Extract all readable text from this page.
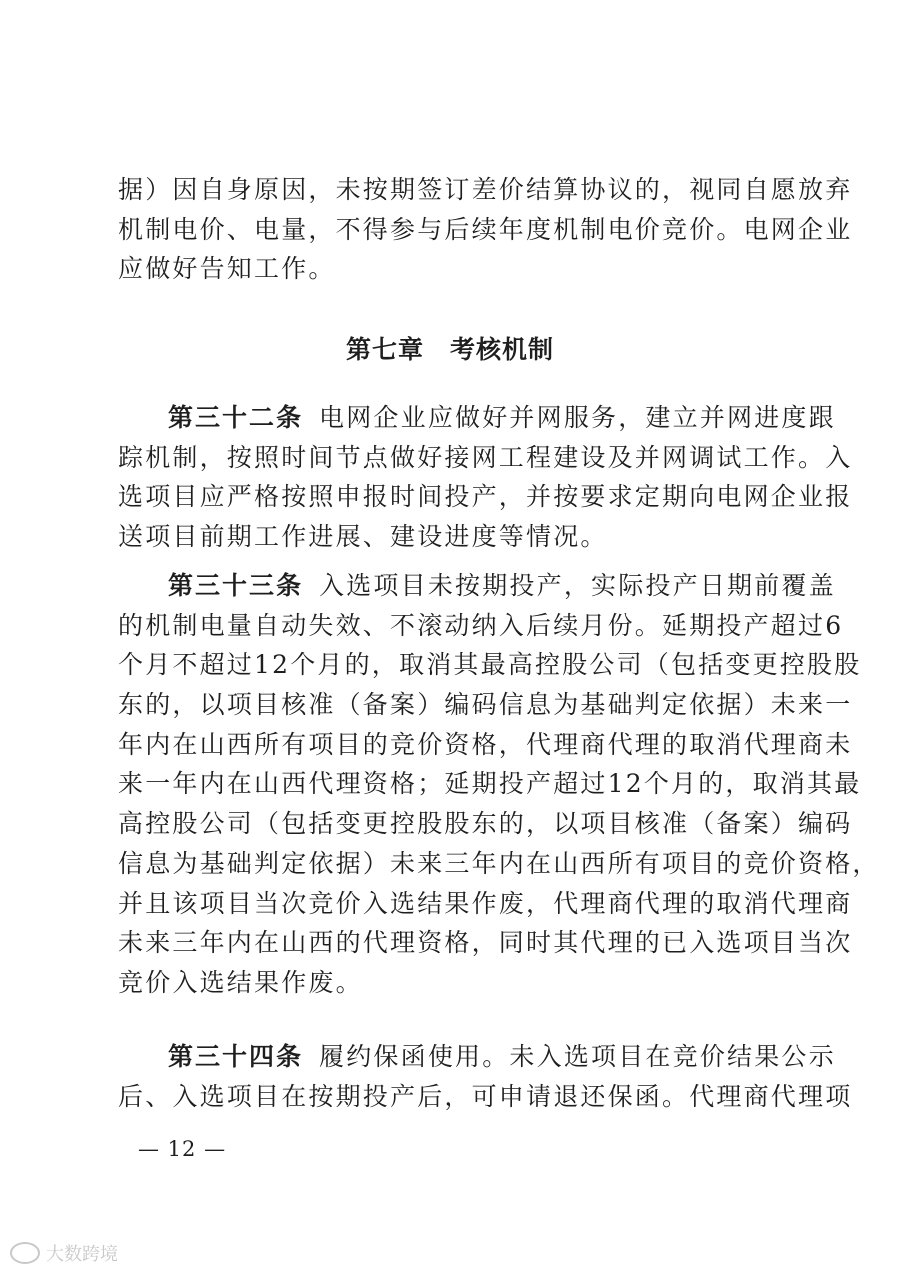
据）因自身原因，未按期签订差价结算协议的，视同自愿放弃
机制电价、电量，不得参与后续年度机制电价竞价。电网企业
应做好告知工作。
第七章 考核机制
第三十二条 电网企业应做好并网服务，建立并网进度跟
踪机制，按照时间节点做好接网工程建设及并网调试工作。入
选项目应严格按照申报时间投产，并按要求定期向电网企业报
送项目前期工作进展、建设进度等情况。
第三十三条 入选项目未按期投产，实际投产日期前覆盖
的机制电量自动失效、不滚动纳入后续月份。延期投产超过6
个月不超过12个月的，取消其最高控股公司（包括变更控股股
东的，以项目核准（备案）编码信息为基础判定依据）未来一
年内在山西所有项目的竞价资格，代理商代理的取消代理商未
来一年内在山西代理资格；延期投产超过12个月的，取消其最
高控股公司（包括变更控股股东的，以项目核准（备案）编码
信息为基础判定依据）未来三年内在山西所有项目的竞价资格，
并且该项目当次竞价入选结果作废，代理商代理的取消代理商
未来三年内在山西的代理资格，同时其代理的已入选项目当次
竞价入选结果作废。
第三十四条 履约保函使用。未入选项目在竞价结果公示
后、入选项目在按期投产后，可申请退还保函。代理商代理项
— 12 —
大数跨境
